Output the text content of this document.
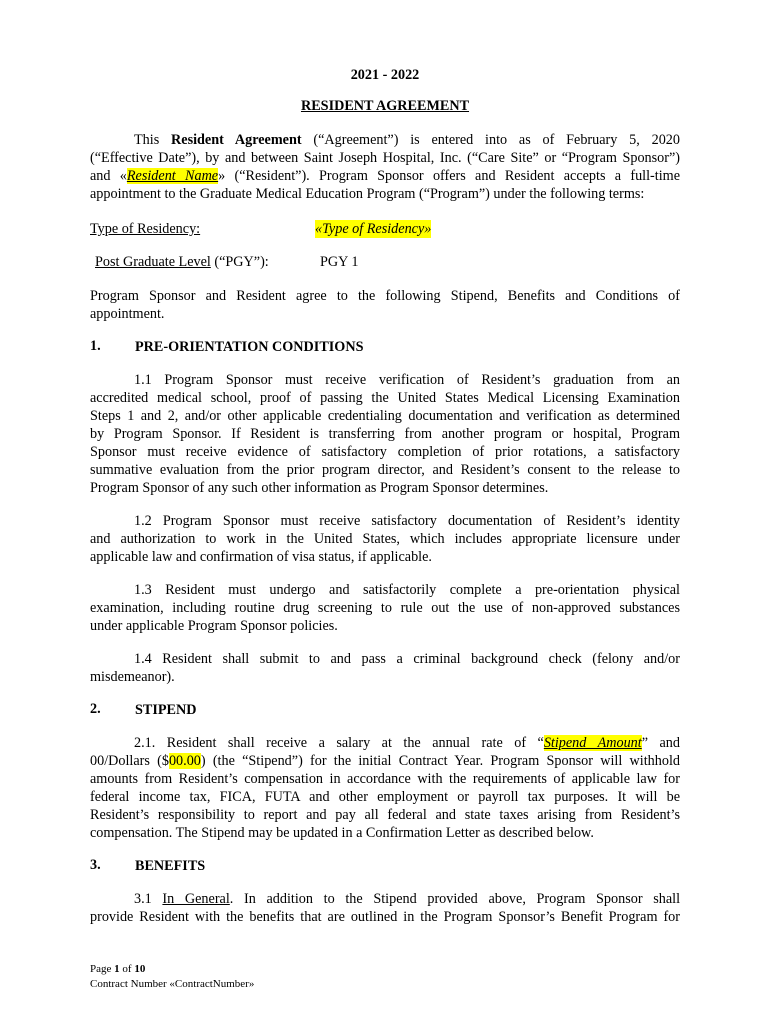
2021 - 2022
RESIDENT AGREEMENT
This Resident Agreement (“Agreement”) is entered into as of February 5, 2020
(“Effective Date”), by and between Saint Joseph Hospital, Inc. (“Care Site” or “Program Sponsor”)
and «Resident Name» (“Resident”). Program Sponsor offers and Resident accepts a full-time
appointment to the Graduate Medical Education Program (“Program”) under the following terms:
Type of Residency:	«Type of Residency»
Post Graduate Level (“PGY”):	PGY 1
Program Sponsor and Resident agree to the following Stipend, Benefits and Conditions of
appointment.
1. PRE-ORIENTATION CONDITIONS
1.1 Program Sponsor must receive verification of Resident’s graduation from an
accredited medical school, proof of passing the United States Medical Licensing Examination
Steps 1 and 2, and/or other applicable credentialing documentation and verification as determined
by Program Sponsor. If Resident is transferring from another program or hospital, Program
Sponsor must receive evidence of satisfactory completion of prior rotations, a satisfactory
summative evaluation from the prior program director, and Resident’s consent to the release to
Program Sponsor of any such other information as Program Sponsor determines.
1.2 Program Sponsor must receive satisfactory documentation of Resident’s identity
and authorization to work in the United States, which includes appropriate licensure under
applicable law and confirmation of visa status, if applicable.
1.3 Resident must undergo and satisfactorily complete a pre-orientation physical
examination, including routine drug screening to rule out the use of non-approved substances
under applicable Program Sponsor policies.
1.4 Resident shall submit to and pass a criminal background check (felony and/or
misdemeanor).
2. STIPEND
2.1. Resident shall receive a salary at the annual rate of “Stipend Amount” and
00/Dollars ($00.00) (the “Stipend”) for the initial Contract Year. Program Sponsor will withhold
amounts from Resident’s compensation in accordance with the requirements of applicable law for
federal income tax, FICA, FUTA and other employment or payroll tax purposes. It will be
Resident’s responsibility to report and pay all federal and state taxes arising from Resident’s
compensation. The Stipend may be updated in a Confirmation Letter as described below.
3. BENEFITS
3.1 In General. In addition to the Stipend provided above, Program Sponsor shall
provide Resident with the benefits that are outlined in the Program Sponsor’s Benefit Program for
Page 1 of 10
Contract Number «ContractNumber»
